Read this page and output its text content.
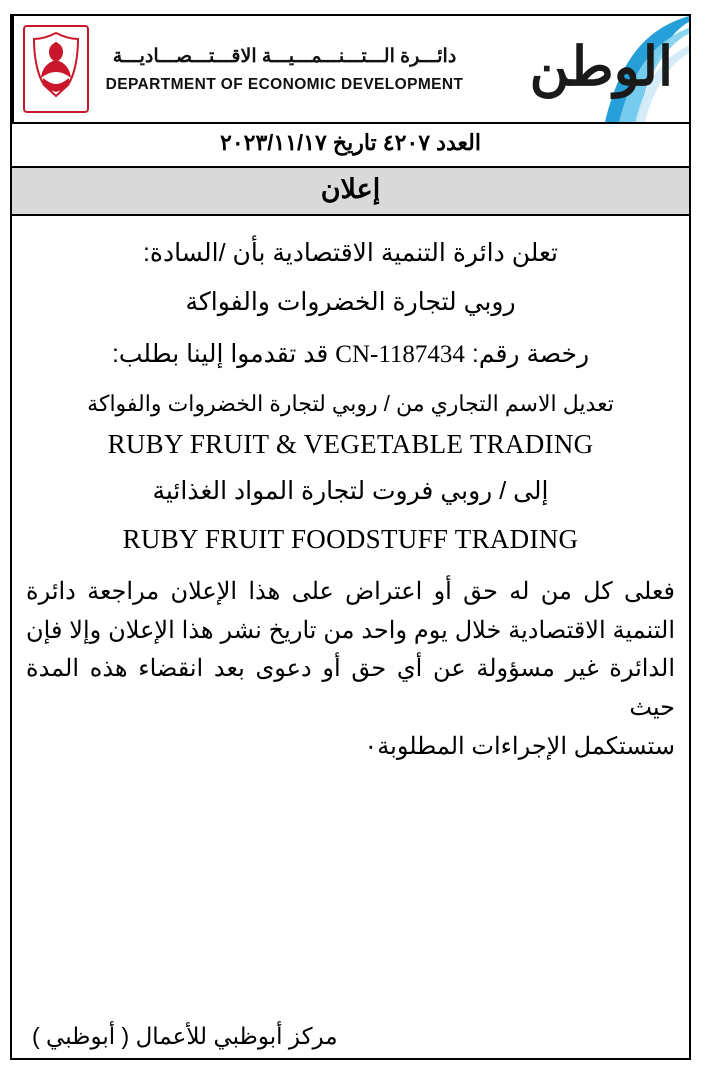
دائـــرة الـــتـــنـــمـــيـــة الاقـــتـــصـــاديـــة
DEPARTMENT OF ECONOMIC DEVELOPMENT الوطن
العدد ٤٢٠٧ تاريخ ٢٠٢٣/١١/١٧
إعلان
تعلن دائرة التنمية الاقتصادية بأن /السادة:
روبي لتجارة الخضروات والفواكة
رخصة رقم: CN-1187434 قد تقدموا إلينا بطلب:
تعديل الاسم التجاري من / روبي لتجارة الخضروات والفواكة
RUBY FRUIT & VEGETABLE TRADING
إلى / روبي فروت لتجارة المواد الغذائية
RUBY FRUIT FOODSTUFF TRADING
فعلى كل من له حق أو اعتراض على هذا الإعلان مراجعة دائرة التنمية الاقتصادية خلال يوم واحد من تاريخ نشر هذا الإعلان وإلا فإن الدائرة غير مسؤولة عن أي حق أو دعوى بعد انقضاء هذه المدة حيث
ستستكمل الإجراءات المطلوبة٠
مركز أبوظبي للأعمال ( أبوظبي )
